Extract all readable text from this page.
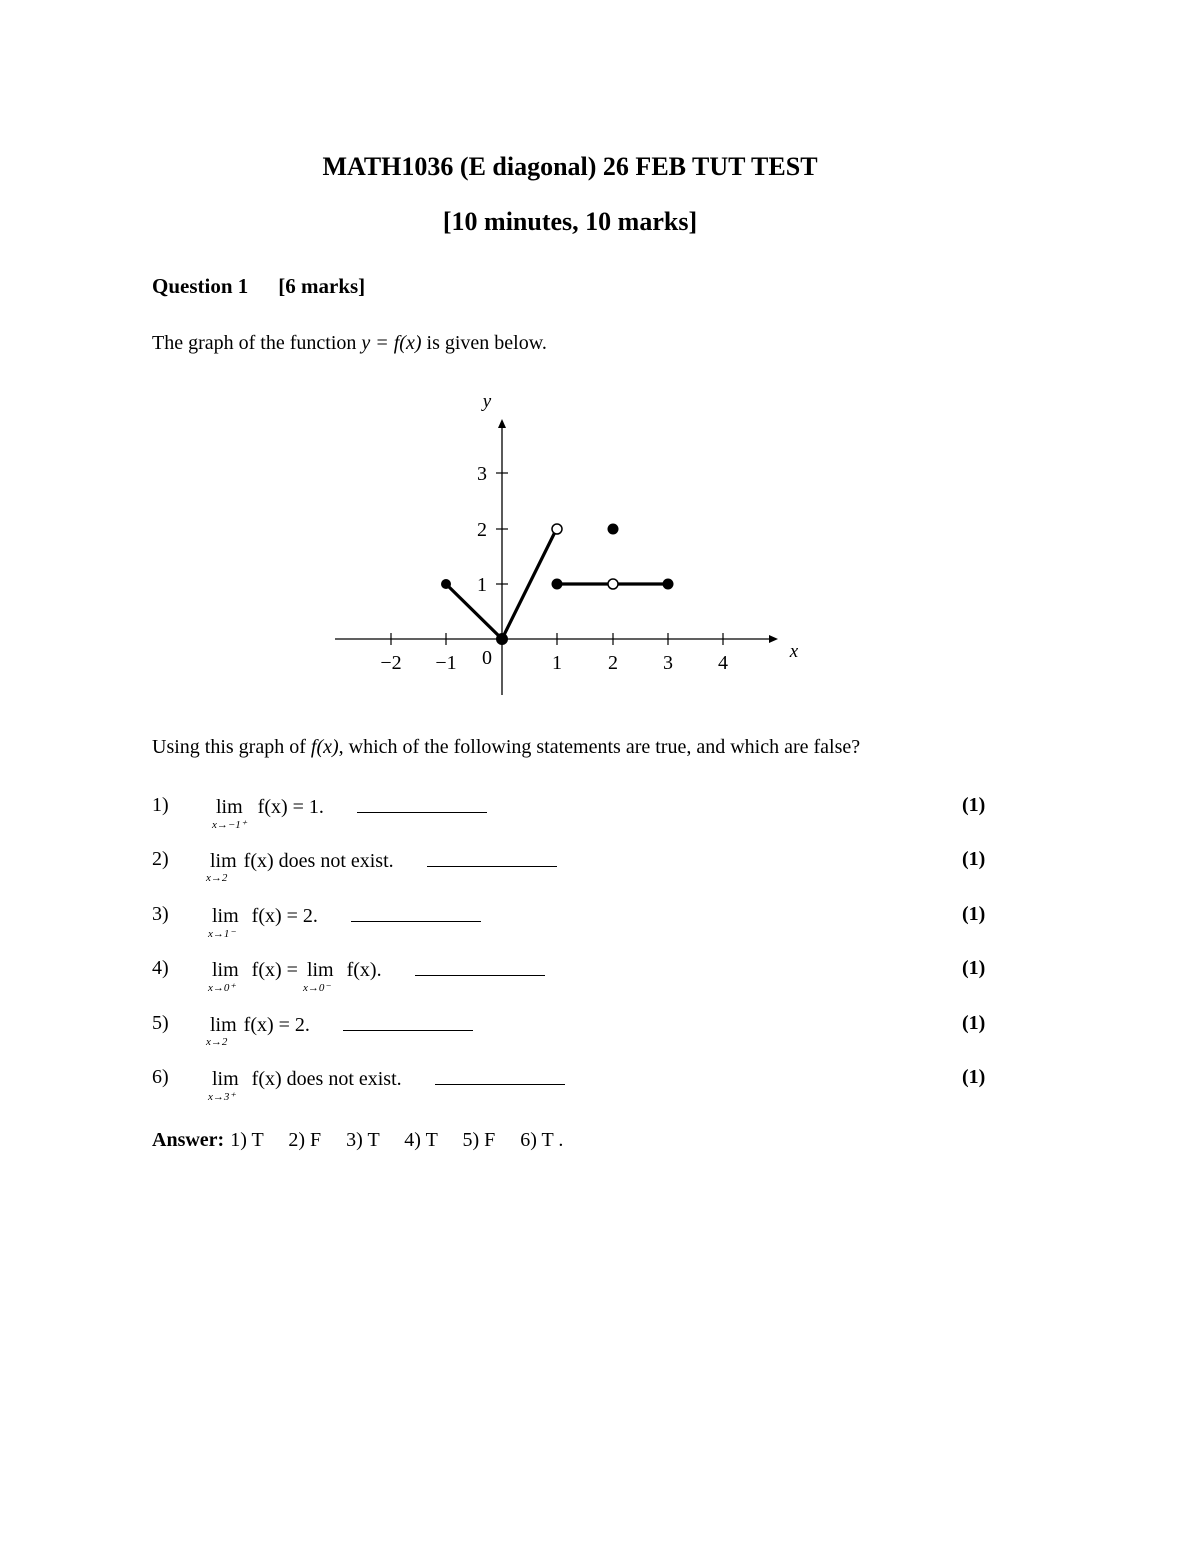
MATH1036 (E diagonal) 26 FEB TUT TEST
[10 minutes, 10 marks]
Question 1 [6 marks]
The graph of the function y = f(x) is given below.
−2 −1	1 2 3 4
0
1
2
3
x
y
Using this graph of f(x), which of the following statements are true, and which are false?
1) lim
x→−1⁺
f(x) = 1.	(1)
2) lim
x→2
f(x) does not exist.	(1)
3) lim
x→1⁻
f(x) = 2.	(1)
4) lim
x→0⁺
f(x) = lim
x→0⁻
f(x).	(1)
5) lim
x→2
f(x) = 2.	(1)
6) lim
x→3⁺
f(x) does not exist.	(1)
Answer: 1) T     2) F     3) T     4) T     5) F     6) T .
